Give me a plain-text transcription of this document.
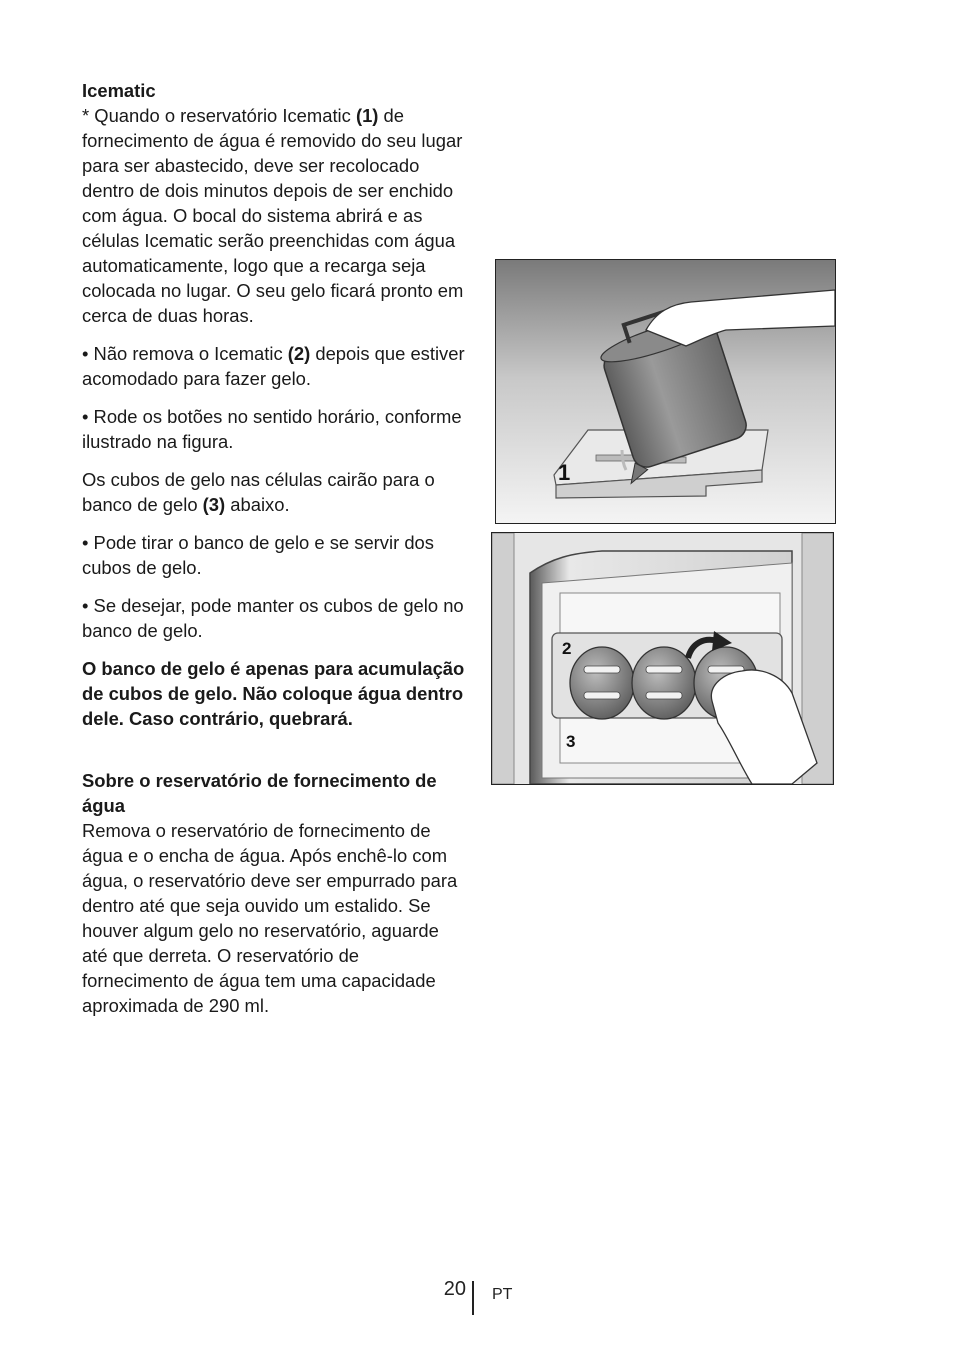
Icematic

* Quando o reservatório Icematic (1) de fornecimento de água é removido do seu lugar para ser abastecido, deve ser recolocado dentro de dois minutos depois de ser enchido com água. O bocal do sistema abrirá e as células Icematic serão preenchidas com água automaticamente, logo que a recarga seja colocada no lugar. O seu gelo ficará pronto em cerca de duas horas.

• Não remova o Icematic (2) depois que estiver acomodado para fazer gelo.

• Rode os botões no sentido horário, conforme ilustrado na figura.

Os cubos de gelo nas células cairão para o banco de gelo (3) abaixo.

• Pode tirar o banco de gelo e se servir dos cubos de gelo.

• Se desejar, pode manter os cubos de gelo no banco de gelo.

O banco de gelo é apenas para acumulação de cubos de gelo. Não coloque água dentro dele. Caso contrário, quebrará.

Sobre o reservatório de fornecimento de água

Remova o reservatório de fornecimento de água e o encha de água. Após enchê-lo com água, o reservatório deve ser empurrado para dentro até que seja ouvido um estalido. Se houver algum gelo no reservatório, aguarde até que derreta. O reservatório de fornecimento de água tem uma capacidade aproximada de 290 ml.

1
2
3
20 PT
